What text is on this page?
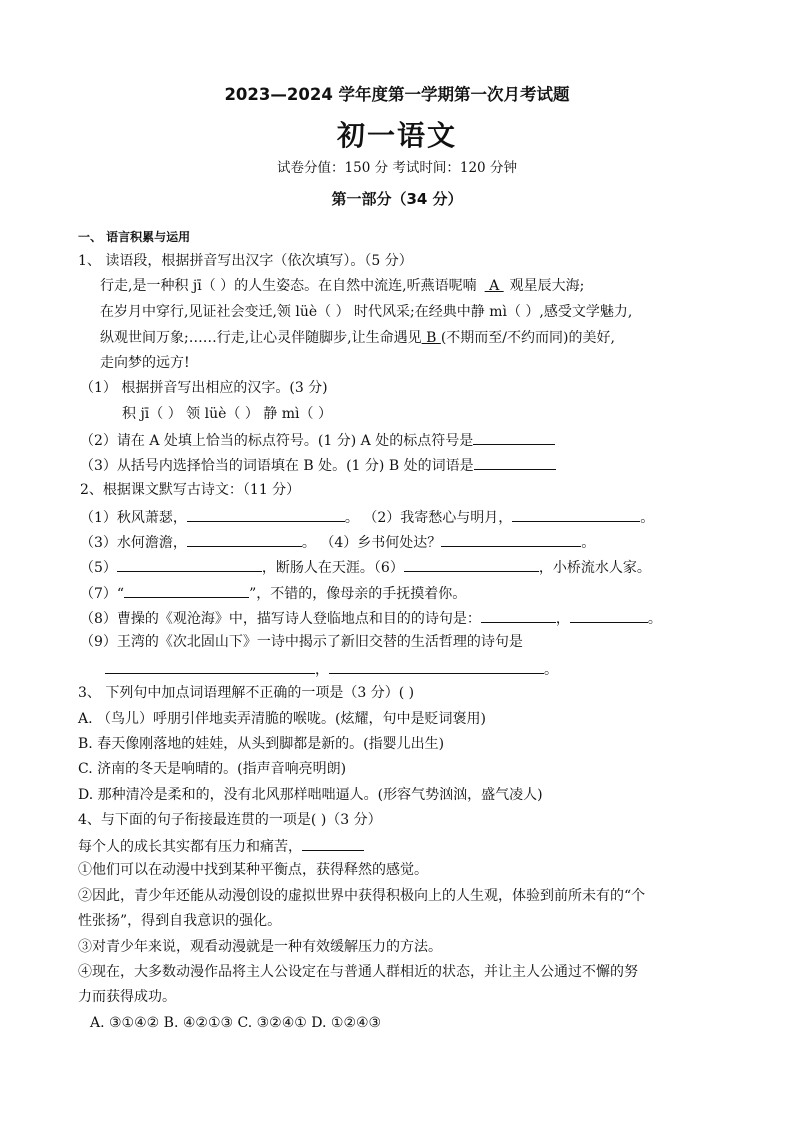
2023—2024 学年度第一学期第一次月考试题
初一语文
试卷分值：150 分 考试时间：120 分钟
第一部分（34 分）
一、 语言积累与运用
1、 读语段，根据拼音写出汉字（依次填写）。（5 分）
行走,是一种积 jī（ ）的人生姿态。在自然中流连,听燕语呢喃 A 观星辰大海;
在岁月中穿行,见证社会变迁,领 lüè（ ） 时代风采;在经典中静 mì（ ）,感受文学魅力,
纵观世间万象;……行走,让心灵伴随脚步,让生命遇见 B (不期而至/不约而同)的美好,
走向梦的远方!
（1） 根据拼音写出相应的汉字。(3 分)
积 jī（ ） 领 lüè（ ） 静 mì（ ）
（2）请在 A 处填上恰当的标点符号。(1 分) A 处的标点符号是
（3）从括号内选择恰当的词语填在 B 处。(1 分) B 处的词语是
2、根据课文默写古诗文：（11 分）
（1）秋风萧瑟，	。 （2）我寄愁心与明月，	。
（3）水何澹澹，	。 （4）乡书何处达？	。
（5）	，断肠人在天涯。（6）	，小桥流水人家。
（7）“	”，不错的，像母亲的手抚摸着你。
（8）曹操的《观沧海》中，描写诗人登临地点和目的的诗句是：	，	。
（9）王湾的《次北固山下》一诗中揭示了新旧交替的生活哲理的诗句是
，	。
3、 下列句中加点词语理解不正确的一项是（3 分）( )
A. （鸟儿）呼朋引伴地卖弄清脆的喉咙。(炫耀，句中是贬词褒用)
B. 春天像刚落地的娃娃，从头到脚都是新的。(指婴儿出生)
C. 济南的冬天是响晴的。(指声音响亮明朗)
D. 那种清冷是柔和的，没有北风那样咄咄逼人。(形容气势汹汹，盛气凌人)
4、与下面的句子衔接最连贯的一项是( )（3 分）
每个人的成长其实都有压力和痛苦，
①他们可以在动漫中找到某种平衡点，获得释然的感觉。
②因此，青少年还能从动漫创设的虚拟世界中获得积极向上的人生观，体验到前所未有的“个
性张扬”，得到自我意识的强化。
③对青少年来说，观看动漫就是一种有效缓解压力的方法。
④现在，大多数动漫作品将主人公设定在与普通人群相近的状态，并让主人公通过不懈的努
力而获得成功。
A. ③①④② B. ④②①③ C. ③②④① D. ①②④③
